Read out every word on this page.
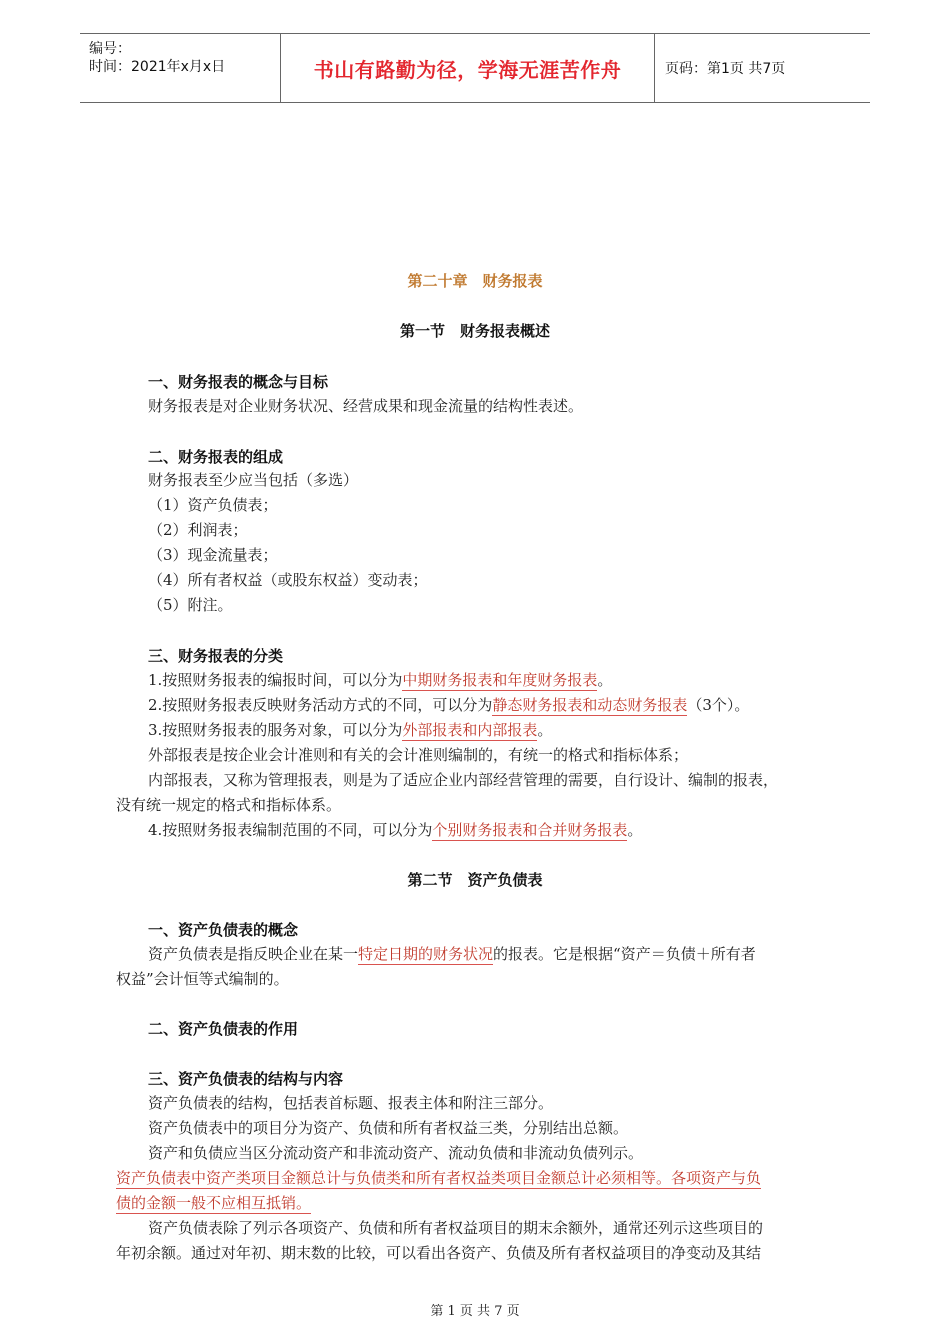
编号：
时间：2021年x月x日	书山有路勤为径，学海无涯苦作舟	页码：第1页 共7页
第二十章　财务报表
第一节　财务报表概述
一、财务报表的概念与目标
财务报表是对企业财务状况、经营成果和现金流量的结构性表述。
二、财务报表的组成
财务报表至少应当包括（多选）
（1）资产负债表；
（2）利润表；
（3）现金流量表；
（4）所有者权益（或股东权益）变动表；
（5）附注。
三、财务报表的分类
1.按照财务报表的编报时间，可以分为中期财务报表和年度财务报表。
2.按照财务报表反映财务活动方式的不同，可以分为静态财务报表和动态财务报表（3个）。
3.按照财务报表的服务对象，可以分为外部报表和内部报表。
外部报表是按企业会计准则和有关的会计准则编制的，有统一的格式和指标体系；
内部报表，又称为管理报表，则是为了适应企业内部经营管理的需要，自行设计、编制的报表，
没有统一规定的格式和指标体系。
4.按照财务报表编制范围的不同，可以分为个别财务报表和合并财务报表。
第二节　资产负债表
一、资产负债表的概念
资产负债表是指反映企业在某一特定日期的财务状况的报表。它是根据“资产＝负债＋所有者
权益”会计恒等式编制的。
二、资产负债表的作用
三、资产负债表的结构与内容
资产负债表的结构，包括表首标题、报表主体和附注三部分。
资产负债表中的项目分为资产、负债和所有者权益三类，分别结出总额。
资产和负债应当区分流动资产和非流动资产、流动负债和非流动负债列示。
资产负债表中资产类项目金额总计与负债类和所有者权益类项目金额总计必须相等。各项资产与负
债的金额一般不应相互抵销。
资产负债表除了列示各项资产、负债和所有者权益项目的期末余额外，通常还列示这些项目的
年初余额。通过对年初、期末数的比较，可以看出各资产、负债及所有者权益项目的净变动及其结
第 1 页 共 7 页
